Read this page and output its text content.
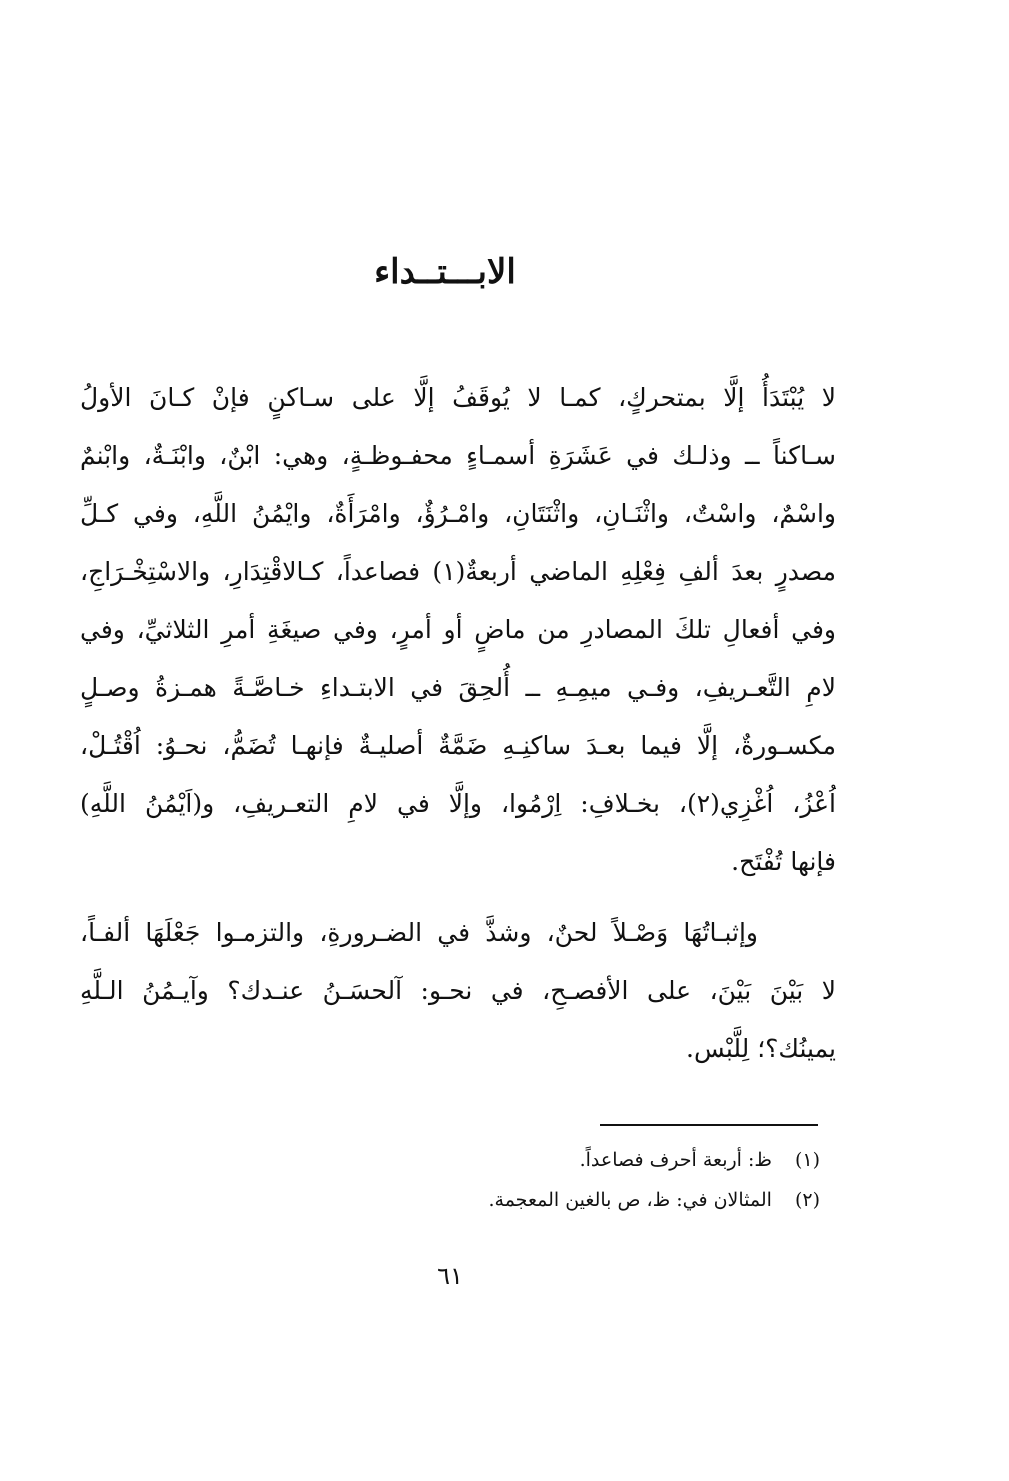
الابـــتــداء
لا يُبْتَدَأُ إلَّا بمتحركٍ، كمـا لا يُوقَفُ إلَّا على سـاكنٍ فإنْ كـانَ الأولُ
سـاكناً ــ وذلـك في عَشَرَةِ أسمـاءٍ محفـوظـةٍ، وهي: ابْنٌ، وابْنَـةٌ، وابْنمٌ
واسْمٌ، واسْتٌ، واثْنَـانِ، واثْنَتَانِ، وامْـرُؤٌ، وامْرَأَةٌ، وايْمُنُ اللَّهِ، وفي كـلِّ
مصدرٍ بعدَ ألفِ فِعْلِهِ الماضي أربعةٌ(١) فصاعداً، كـالاقْتِدَارِ، والاسْتِخْـرَاجِ،
وفي أفعالِ تلكَ المصادرِ من ماضٍ أو أمرٍ، وفي صيغَةِ أمرِ الثلاثيِّ، وفي
لامِ التَّعـريفِ، وفـي ميمِـهِ ــ أُلحِقَ في الابتـداءِ خـاصَّـةً همـزةُ وصـلٍ
مكسـورةٌ، إلَّا فيما بعـدَ ساكنِـهِ ضَمَّةٌ أصليـةٌ فإنهـا تُضَمُّ، نحـوُ: اُقْتُـلْ،
اُعْزُ، اُغْزِي(٢)، بخـلافِ: اِرْمُوا، وإلَّا في لامِ التعـريفِ، و(اَيْمُنُ اللَّهِ)
فإنها تُفْتَح.
وإثبـاتُهَا وَصْـلاً لحنٌ، وشذَّ في الضـرورةِ، والتزمـوا جَعْلَهَا ألفـاً،
لا بَيْنَ بَيْنَ، على الأفصـحِ، في نحـو: آلحسَـنُ عنـدك؟ وآيـمُنُ الـلَّهِ
يمينُك؟؛ لِلَّبْس.
(١) ظ: أربعة أحرف فصاعداً.
(٢) المثالان في: ظ، ص بالغين المعجمة.
٦١
